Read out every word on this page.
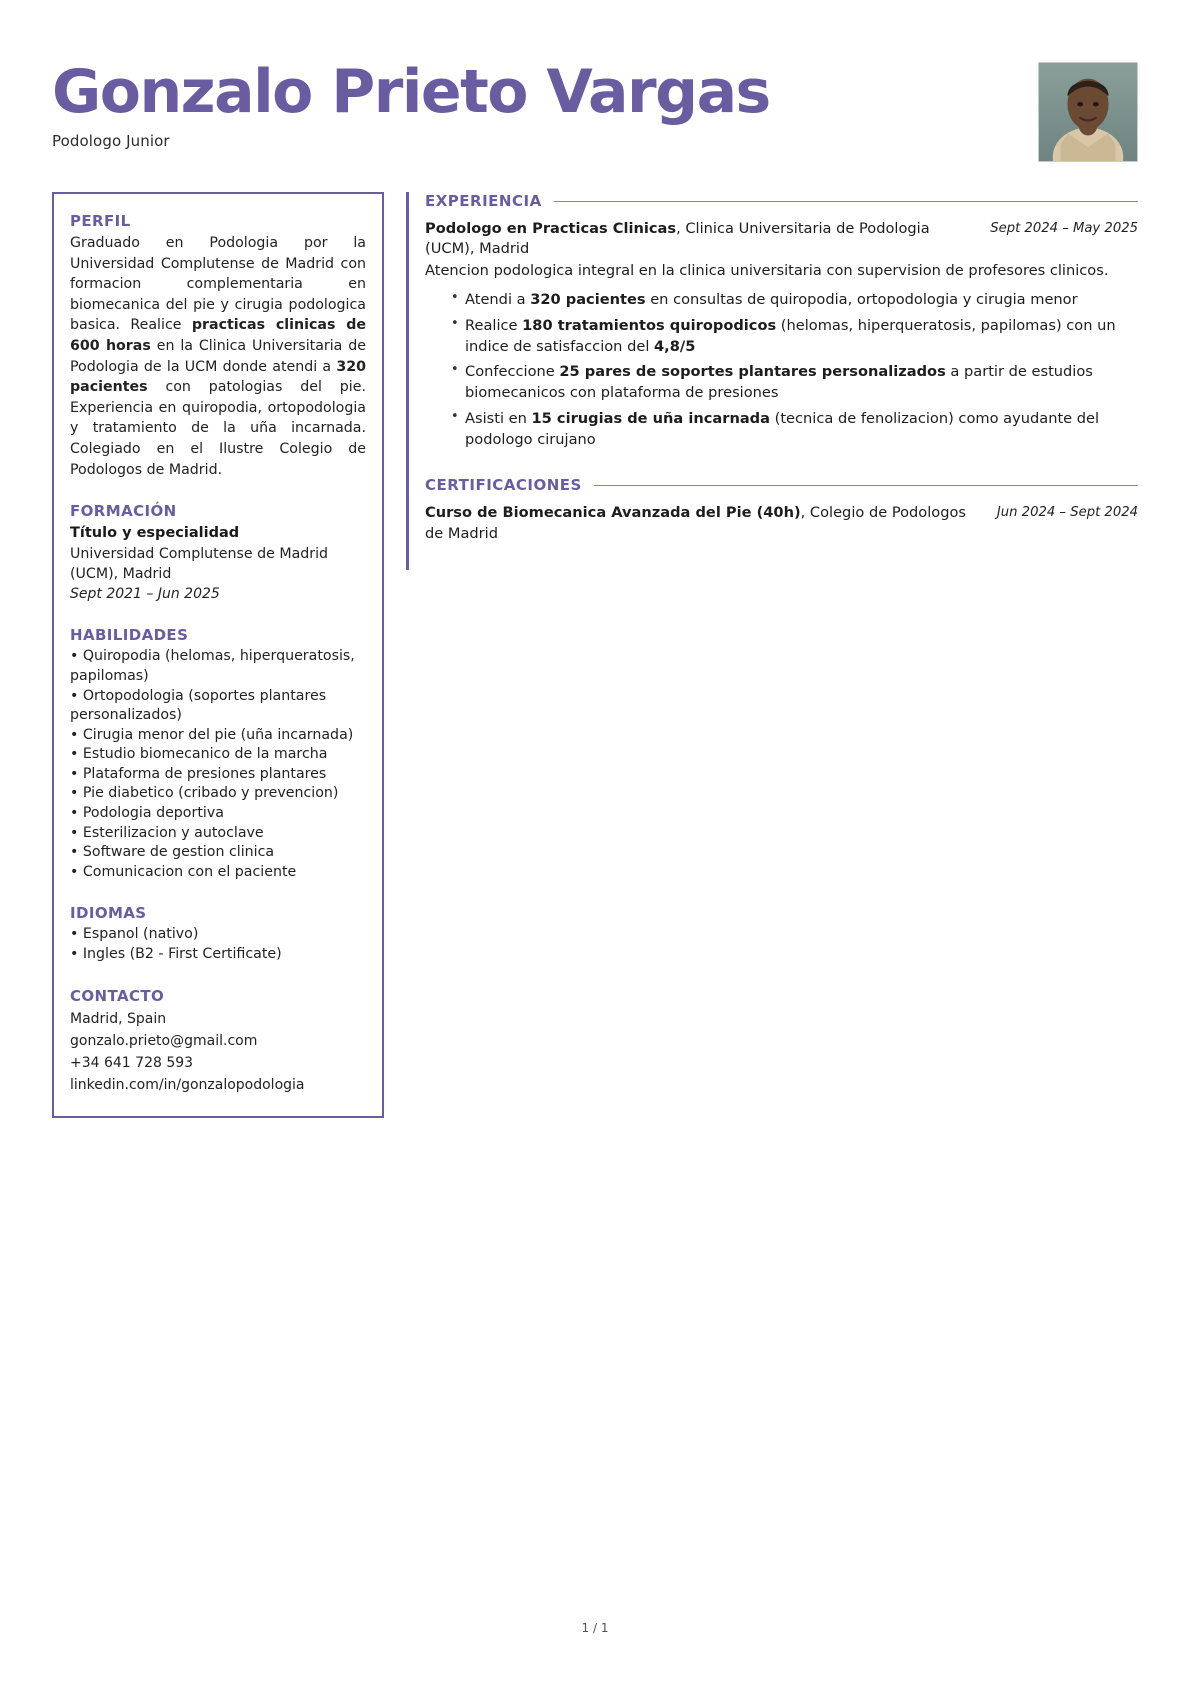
Gonzalo Prieto Vargas
Podologo Junior
PERFIL
Graduado en Podologia por la Universidad Complutense de Madrid con formacion complementaria en biomecanica del pie y cirugia podologica basica. Realice practicas clinicas de 600 horas en la Clinica Universitaria de Podologia de la UCM donde atendi a 320 pacientes con patologias del pie. Experiencia en quiropodia, ortopodologia y tratamiento de la uña incarnada. Colegiado en el Ilustre Colegio de Podologos de Madrid.
FORMACIÓN
Título y especialidad
Universidad Complutense de Madrid
(UCM), Madrid
Sept 2021 – Jun 2025
HABILIDADES
• Quiropodia (helomas, hiperqueratosis, papilomas)
• Ortopodologia (soportes plantares personalizados)
• Cirugia menor del pie (uña incarnada)
• Estudio biomecanico de la marcha
• Plataforma de presiones plantares
• Pie diabetico (cribado y prevencion)
• Podologia deportiva
• Esterilizacion y autoclave
• Software de gestion clinica
• Comunicacion con el paciente
IDIOMAS
• Espanol (nativo)
• Ingles (B2 - First Certificate)
CONTACTO
Madrid, Spain
gonzalo.prieto@gmail.com
+34 641 728 593
linkedin.com/in/gonzalopodologia
EXPERIENCIA
Podologo en Practicas Clinicas, Clinica Universitaria de Podologia (UCM), Madrid
Sept 2024 – May 2025
Atencion podologica integral en la clinica universitaria con supervision de profesores clinicos.
• Atendi a 320 pacientes en consultas de quiropodia, ortopodologia y cirugia menor
• Realice 180 tratamientos quiropodicos (helomas, hiperqueratosis, papilomas) con un indice de satisfaccion del 4,8/5
• Confeccione 25 pares de soportes plantares personalizados a partir de estudios biomecanicos con plataforma de presiones
• Asisti en 15 cirugias de uña incarnada (tecnica de fenolizacion) como ayudante del podologo cirujano
CERTIFICACIONES
Curso de Biomecanica Avanzada del Pie (40h), Colegio de Podologos de Madrid
Jun 2024 – Sept 2024
1 / 1
